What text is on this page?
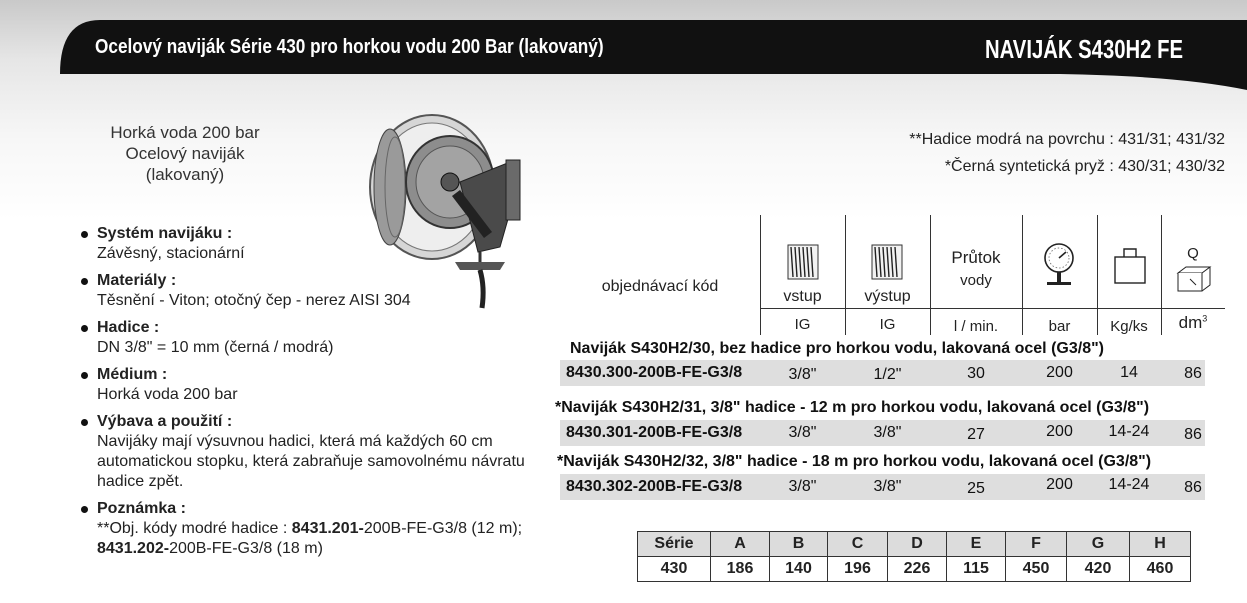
Ocelový naviják Série 430 pro horkou vodu 200 Bar (lakovaný)	NAVIJÁK S430H2 FE
Horká voda 200 bar
Ocelový naviják
(lakovaný)
**Hadice modrá na povrchu : 431/31; 431/32
*Černá syntetická pryž : 430/31; 430/32
Systém navijáku :
Závěsný, stacionární
Materiály :
Těsnění - Viton; otočný čep - nerez AISI 304
Hadice :
DN 3/8" = 10 mm (černá / modrá)
Médium :
Horká voda 200 bar
Výbava a použití :
Navijáky mají výsuvnou hadici, která má každých 60 cm automatickou stopku, která zabraňuje samovolnému návratu hadice zpět.
Poznámka :
**Obj. kódy modré hadice : 8431.201-200B-FE-G3/8 (12 m);
8431.202-200B-FE-G3/8 (18 m)
objednávací kód
vstup	výstup
Průtok
vody
Q
IG	IG	l / min.	bar	Kg/ks	$dm^3$
Naviják S430H2/30, bez hadice pro horkou vodu, lakovaná ocel (G3/8")
8430.300-200B-FE-G3/8	3/8"	1/2"	30	200	14	86
*Naviják S430H2/31, 3/8" hadice - 12 m pro horkou vodu, lakovaná ocel (G3/8")
8430.301-200B-FE-G3/8	3/8"	3/8"	27	200	14-24	86
*Naviják S430H2/32, 3/8" hadice - 18 m pro horkou vodu, lakovaná ocel (G3/8")
8430.302-200B-FE-G3/8	3/8"	3/8"	25	200	14-24	86
Série	A	B	C	D	E	F	G	H
430	186	140	196	226	115	450	420	460
